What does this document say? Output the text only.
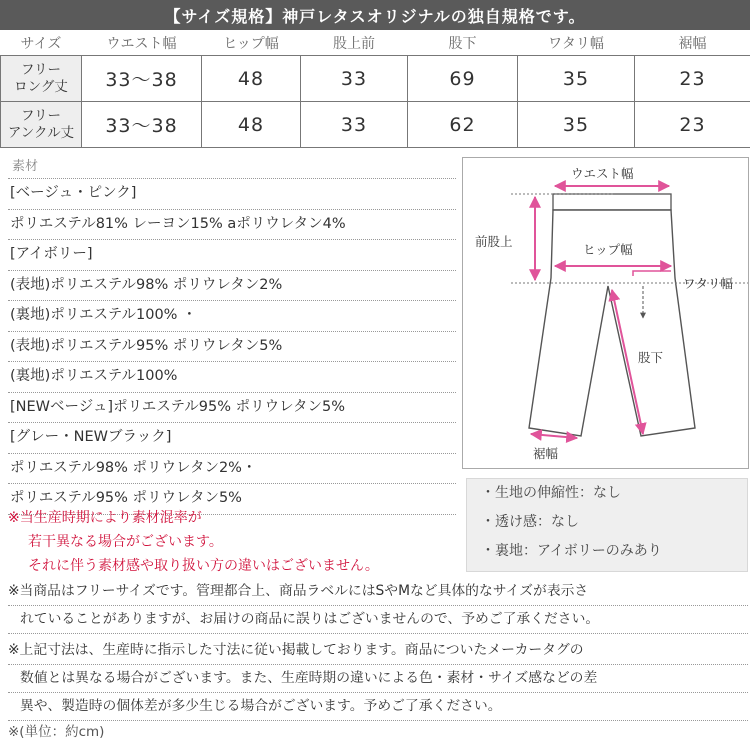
【サイズ規格】神戸レタスオリジナルの独自規格です。
サイズ	ウエスト幅	ヒップ幅	股上前	股下	ワタリ幅	裾幅
フリー
ロング丈	33〜38	48	33	69	35	23
フリー
アンクル丈	33〜38	48	33	62	35	23
素材
[ベージュ・ピンク]
ポリエステル81% レーヨン15% aポリウレタン4%
[アイボリー]
(表地)ポリエステル98% ポリウレタン2%
(裏地)ポリエステル100% ・
(表地)ポリエステル95% ポリウレタン5%
(裏地)ポリエステル100%
[NEWベージュ]ポリエステル95% ポリウレタン5%
[グレー・NEWブラック]
ポリエステル98% ポリウレタン2%・
ポリエステル95% ポリウレタン5%
※当生産時期により素材混率が
若干異なる場合がございます。
それに伴う素材感や取り扱い方の違いはございません。
ウエスト幅
前股上
ヒップ幅
ワタリ幅
股下
裾幅
・生地の伸縮性：なし
・透け感：なし
・裏地：アイボリーのみあり
※当商品はフリーサイズです。管理都合上、商品ラベルにはSやMなど具体的なサイズが表示さ
れていることがありますが、お届けの商品に誤りはございませんので、予めご了承ください。
※上記寸法は、生産時に指示した寸法に従い掲載しております。商品についたメーカータグの
数値とは異なる場合がございます。また、生産時期の違いによる色・素材・サイズ感などの差
異や、製造時の個体差が多少生じる場合がございます。予めご了承ください。
※(単位：約cm)
